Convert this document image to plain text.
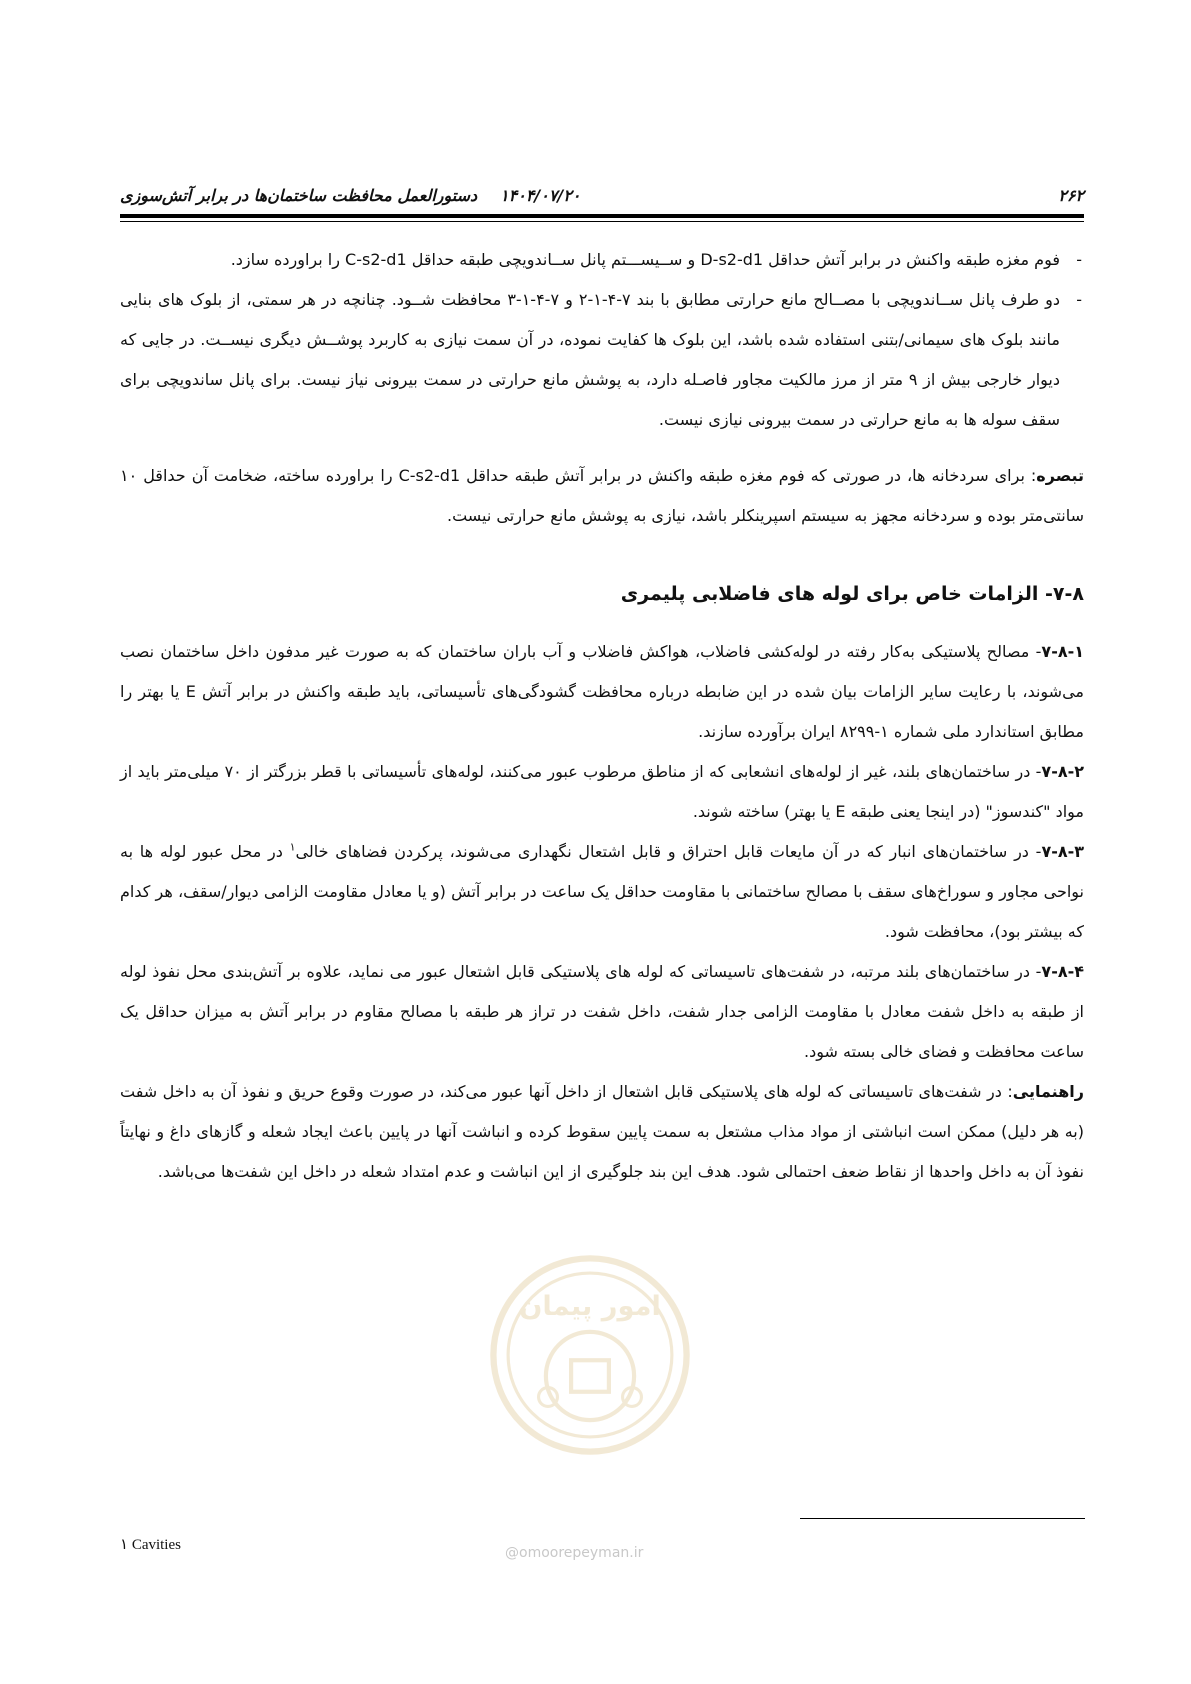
۲۶۲
۱۴۰۴/۰۷/۲۰
دستورالعمل محافظت ساختمان‌ها در برابر آتش‌سوزی

-
فوم مغزه طبقه واکنش در برابر آتش حداقل D-s2-d1 و ســیســـتم پانل ســاندویچی طبقه حداقل C-s2-d1 را براورده سازد.

-
دو طرف پانل ســاندویچی با مصــالح مانع حرارتی مطابق با بند ۷-۴-۱-۲ و ۷-۴-۱-۳ محافظت شــود. چنانچه در هر سمتی، از بلوک های بنایی مانند بلوک های سیمانی/بتنی استفاده شده باشد، این بلوک ها کفایت نموده، در آن سمت نیازی به کاربرد پوشــش دیگری نیســت. در جایی که دیوار خارجی بیش از ۹ متر از مرز مالکیت مجاور فاصـله دارد، به پوشش مانع حرارتی در سمت بیرونی نیاز نیست. برای پانل ساندویچی برای سقف سوله ها به مانع حرارتی در سمت بیرونی نیازی نیست.

تبصره: برای سردخانه ها، در صورتی که فوم مغزه طبقه واکنش در برابر آتش طبقه حداقل C-s2-d1 را براورده ساخته، ضخامت آن حداقل ۱۰ سانتی‌متر بوده و سردخانه مجهز به سیستم اسپرینکلر باشد، نیازی به پوشش مانع حرارتی نیست.

۷-۸- الزامات خاص برای لوله های فاضلابی پلیمری

۷-۸-۱- مصالح پلاستیکی به‌کار رفته در لوله‌کشی فاضلاب، هواکش فاضلاب و آب باران ساختمان که به صورت غیر مدفون داخل ساختمان نصب می‌شوند، با رعایت سایر الزامات بیان شده در این ضابطه درباره محافظت گشودگی‌های تأسیساتی، باید طبقه واکنش در برابر آتش E یا بهتر را مطابق استاندارد ملی شماره ۱-۸۲۹۹ ایران برآورده سازند.

۷-۸-۲- در ساختمان‌های بلند، غیر از لوله‌های انشعابی که از مناطق مرطوب عبور می‌کنند، لوله‌های تأسیساتی با قطر بزرگتر از ۷۰ میلی‌متر باید از مواد "کندسوز" (در اینجا یعنی طبقه E یا بهتر) ساخته شوند.

۷-۸-۳- در ساختمان‌های انبار که در آن مایعات قابل احتراق و قابل اشتعال نگهداری می‌شوند، پرکردن فضاهای خالی$^۱$ در محل عبور لوله ها به نواحی مجاور و سوراخ‌های سقف با مصالح ساختمانی با مقاومت حداقل یک ساعت در برابر آتش (و یا معادل مقاومت الزامی دیوار/سقف، هر کدام که بیشتر بود)، محافظت شود.

۷-۸-۴- در ساختمان‌های بلند مرتبه، در شفت‌های تاسیساتی که لوله های پلاستیکی قابل اشتعال عبور می نماید، علاوه بر آتش‌بندی محل نفوذ لوله از طبقه به داخل شفت معادل با مقاومت الزامی جدار شفت، داخل شفت در تراز هر طبقه با مصالح مقاوم در برابر آتش به میزان حداقل یک ساعت محافظت و فضای خالی بسته شود.

راهنمایی: در شفت‌های تاسیساتی که لوله های پلاستیکی قابل اشتعال از داخل آنها عبور می‌کند، در صورت وقوع حریق و نفوذ آن به داخل شفت (به هر دلیل) ممکن است انباشتی از مواد مذاب مشتعل به سمت پایین سقوط کرده و انباشت آنها در پایین باعث ایجاد شعله و گازهای داغ و نهایتاً نفوذ آن به داخل واحدها از نقاط ضعف احتمالی شود. هدف این بند جلوگیری از این انباشت و عدم امتداد شعله در داخل این شفت‌ها می‌باشد.

امور پیمان
@omoorepeyman.ir
۱ Cavities
